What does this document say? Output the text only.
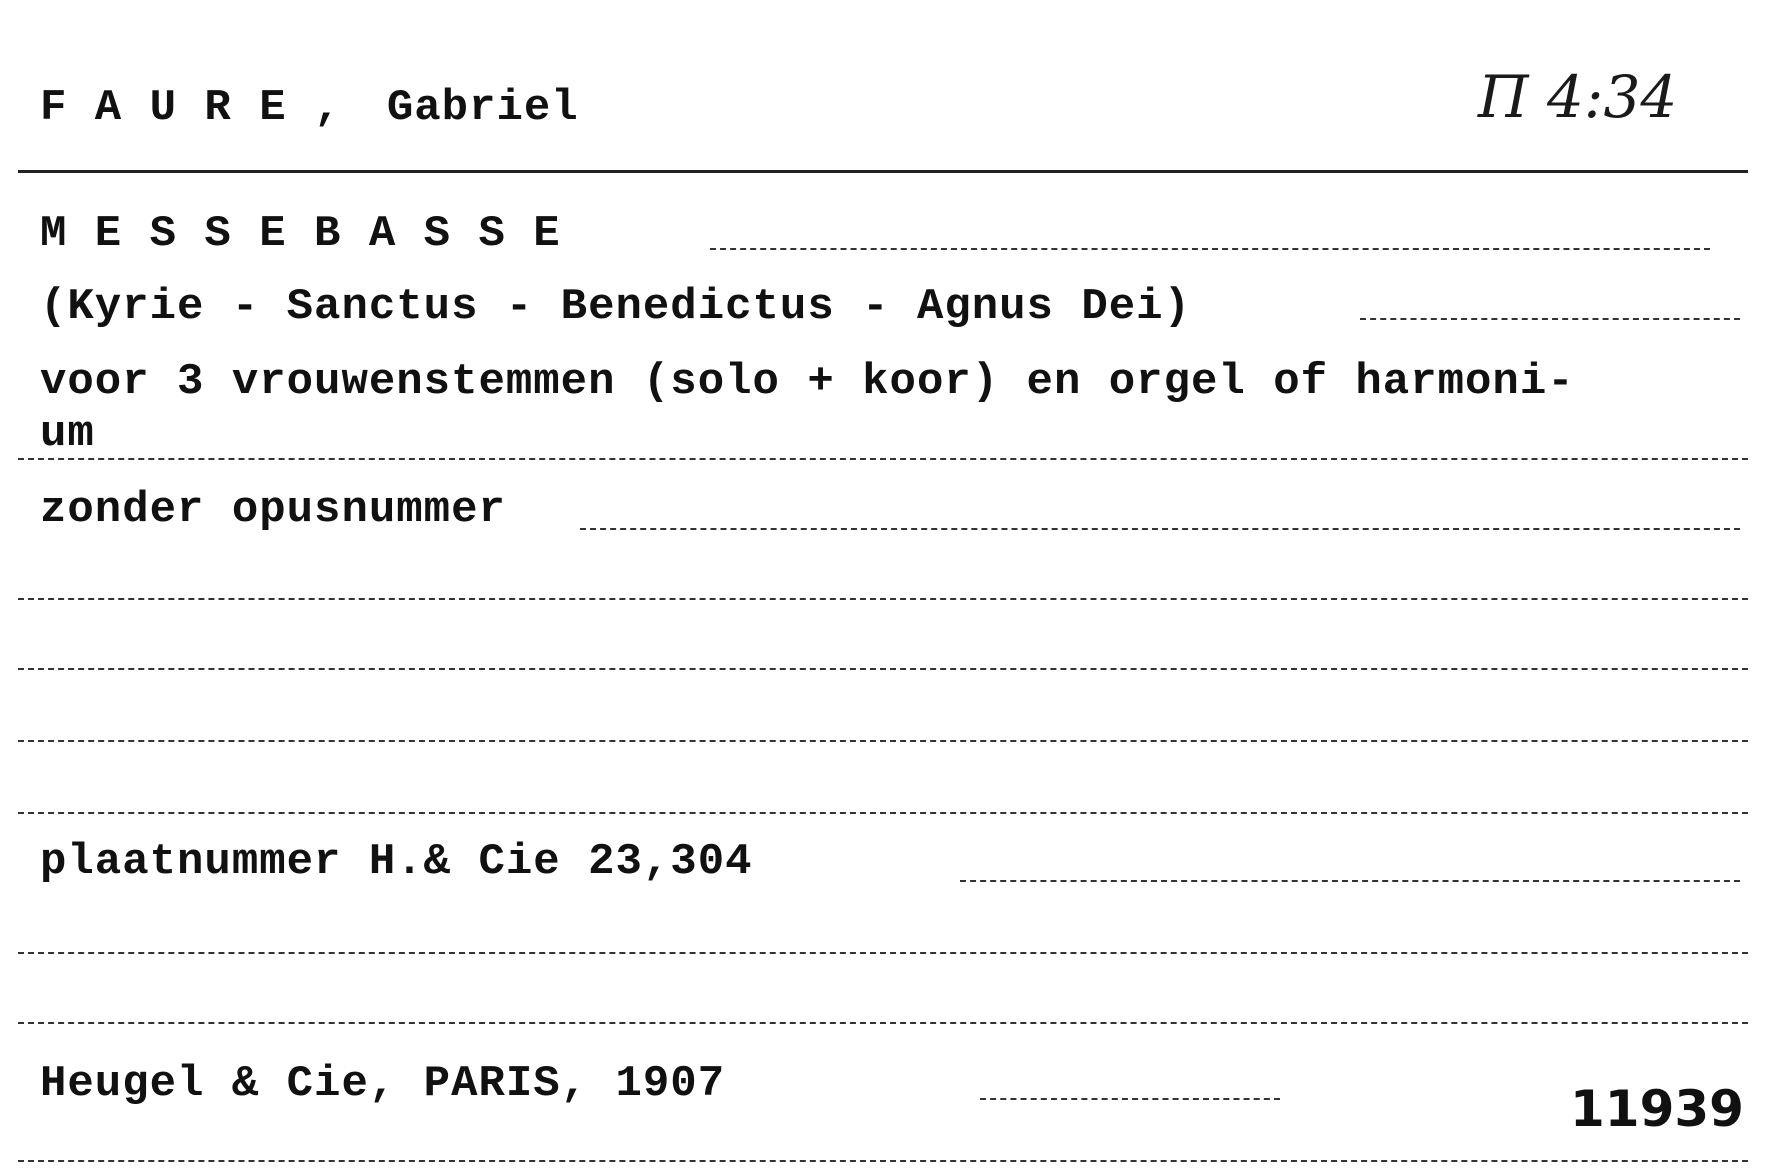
F A U R E , Gabriel	Π 4:34
M E S S E B A S S E
(Kyrie - Sanctus - Benedictus - Agnus Dei)
voor 3 vrouwenstemmen (solo + koor) en orgel of harmoni-
um
zonder opusnummer
plaatnummer H.& Cie 23,304
Heugel & Cie, PARIS, 1907	11939
